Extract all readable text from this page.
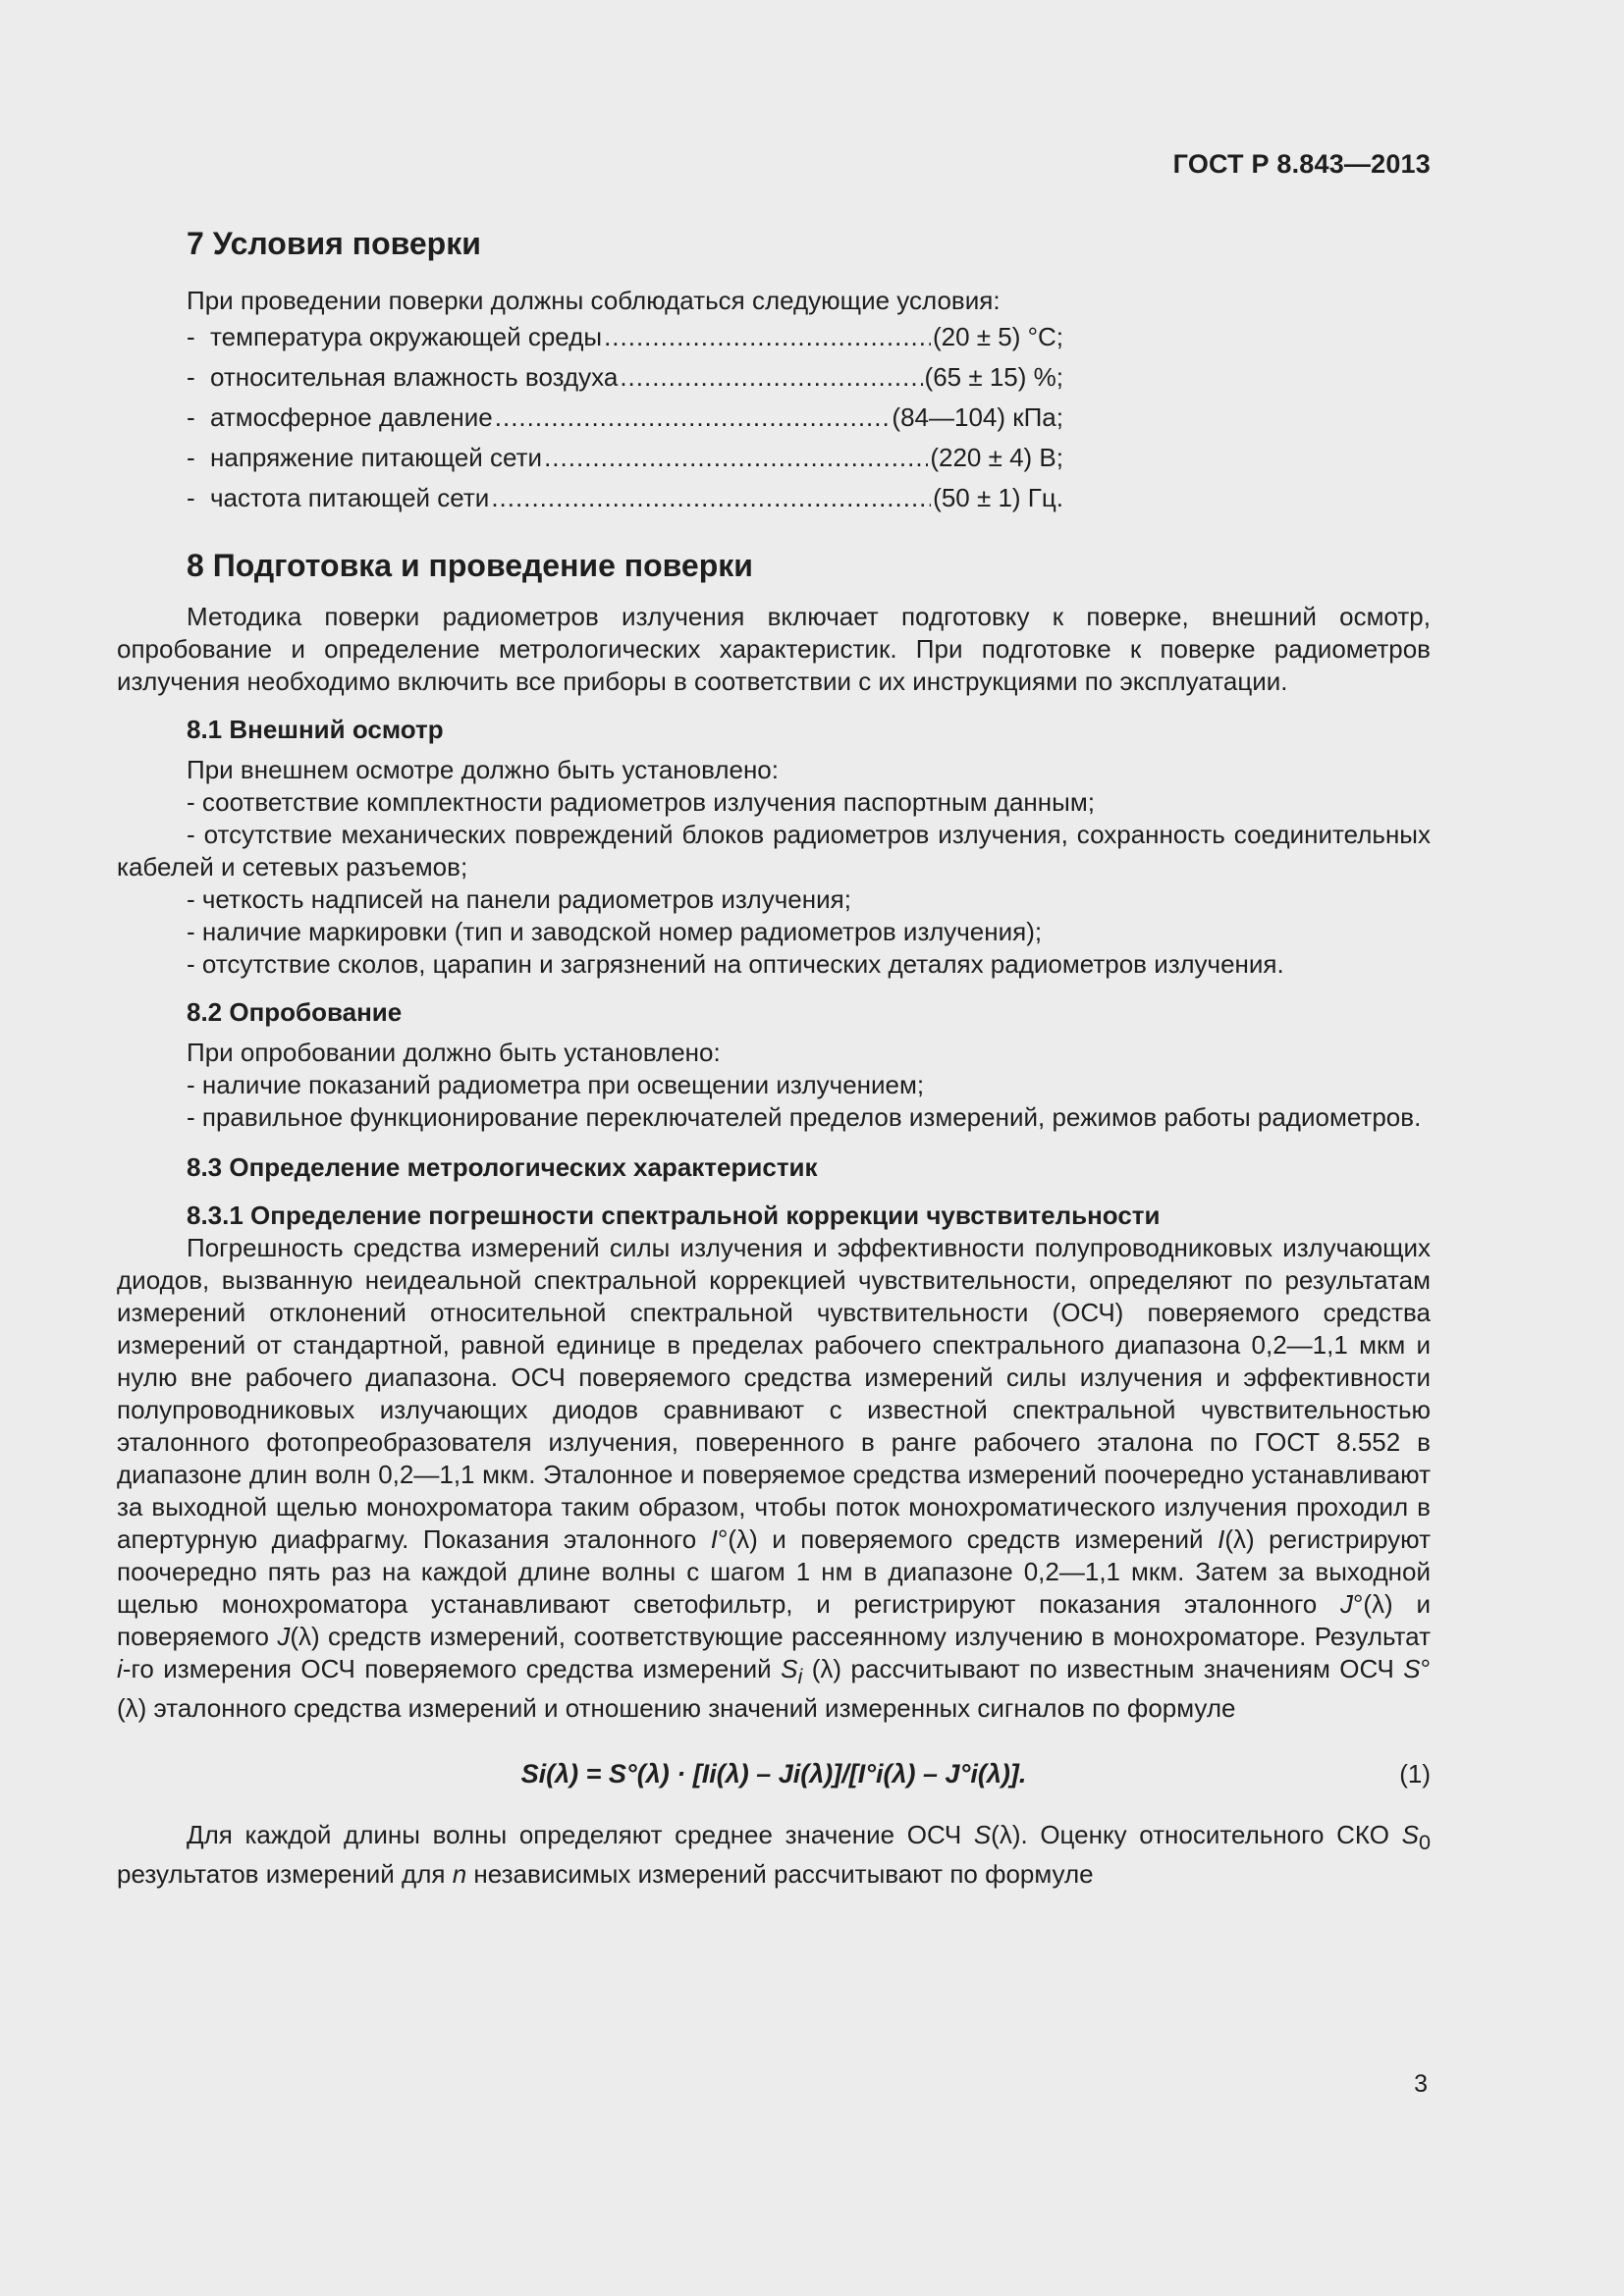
ГОСТ Р 8.843—2013
7 Условия поверки

При проведении поверки должны соблюдаться следующие условия:

- температура окружающей среды .....	(20 ± 5) °С;
- относительная влажность воздуха .....	(65 ± 15) %;
- атмосферное давление .....	(84—104) кПа;
- напряжение питающей сети .....	(220 ± 4) В;
- частота питающей сети .....	(50 ± 1) Гц.
8 Подготовка и проведение поверки

Методика поверки радиометров излучения включает подготовку к поверке, внешний осмотр, опробование и определение метрологических характеристик. При подготовке к поверке радиометров излучения необходимо включить все приборы в соответствии с их инструкциями по эксплуатации.

8.1 Внешний осмотр

При внешнем осмотре должно быть установлено:

- соответствие комплектности радиометров излучения паспортным данным;

- отсутствие механических повреждений блоков радиометров излучения, сохранность соединительных кабелей и сетевых разъемов;

- четкость надписей на панели радиометров излучения;

- наличие маркировки (тип и заводской номер радиометров излучения);

- отсутствие сколов, царапин и загрязнений на оптических деталях радиометров излучения.

8.2 Опробование

При опробовании должно быть установлено:

- наличие показаний радиометра при освещении излучением;

- правильное функционирование переключателей пределов измерений, режимов работы радиометров.

8.3 Определение метрологических характеристик
8.3.1 Определение погрешности спектральной коррекции чувствительности

Погрешность средства измерений силы излучения и эффективности полупроводниковых излучающих диодов, вызванную неидеальной спектральной коррекцией чувствительности, определяют по результатам измерений отклонений относительной спектральной чувствительности (ОСЧ) поверяемого средства измерений от стандартной, равной единице в пределах рабочего спектрального диапазона 0,2—1,1 мкм и нулю вне рабочего диапазона. ОСЧ поверяемого средства измерений силы излучения и эффективности полупроводниковых излучающих диодов сравнивают с известной спектральной чувствительностью эталонного фотопреобразователя излучения, поверенного в ранге рабочего эталона по ГОСТ 8.552 в диапазоне длин волн 0,2—1,1 мкм. Эталонное и поверяемое средства измерений поочередно устанавливают за выходной щелью монохроматора таким образом, чтобы поток монохроматического излучения проходил в апертурную диафрагму. Показания эталонного I°(λ) и поверяемого средств измерений I(λ) регистрируют поочередно пять раз на каждой длине волны с шагом 1 нм в диапазоне 0,2—1,1 мкм. Затем за выходной щелью монохроматора устанавливают светофильтр, и регистрируют показания эталонного J°(λ) и поверяемого J(λ) средств измерений, соответствующие рассеянному излучению в монохроматоре. Результат i-го измерения ОСЧ поверяемого средства измерений $S_i$ (λ) рассчитывают по известным значениям ОСЧ S°(λ) эталонного средства измерений и отношению значений измеренных сигналов по формуле

Si(λ) = S°(λ) · [Ii(λ) – Ji(λ)]/[I°i(λ) – J°i(λ)].	(1)

Для каждой длины волны определяют среднее значение ОСЧ S(λ). Оценку относительного СКО $S_0$ результатов измерений для n независимых измерений рассчитывают по формуле

3
